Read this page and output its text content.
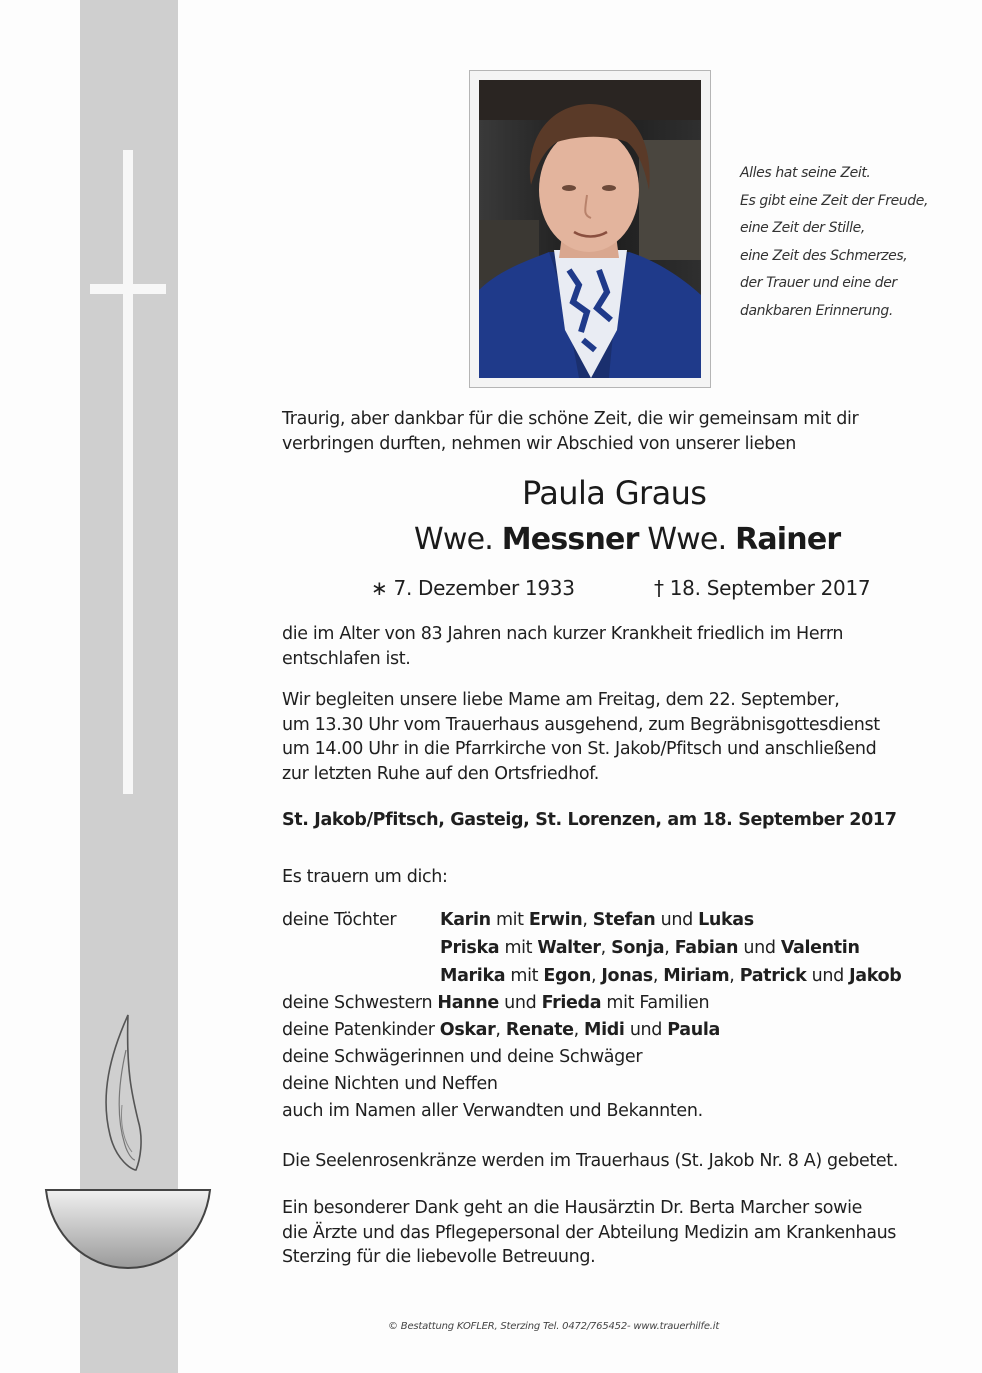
Alles hat seine Zeit.
Es gibt eine Zeit der Freude,
eine Zeit der Stille,
eine Zeit des Schmerzes,
der Trauer und eine der
dankbaren Erinnerung.
Traurig, aber dankbar für die schöne Zeit, die wir gemeinsam mit dir
verbringen durften, nehmen wir Abschied von unserer lieben
Paula Graus
Wwe. Messner Wwe. Rainer
∗ 7. Dezember 1933	† 18. September 2017
die im Alter von 83 Jahren nach kurzer Krankheit friedlich im Herrn
entschlafen ist.
Wir begleiten unsere liebe Mame am Freitag, dem 22. September,
um 13.30 Uhr vom Trauerhaus ausgehend, zum Begräbnisgottesdienst
um 14.00 Uhr in die Pfarrkirche von St. Jakob/Pfitsch und anschließend
zur letzten Ruhe auf den Ortsfriedhof.
St. Jakob/Pfitsch, Gasteig, St. Lorenzen, am 18. September 2017
Es trauern um dich:
deine Töchter Karin mit Erwin, Stefan und Lukas
Priska mit Walter, Sonja, Fabian und Valentin
Marika mit Egon, Jonas, Miriam, Patrick und Jakob
deine Schwestern Hanne und Frieda mit Familien
deine Patenkinder Oskar, Renate, Midi und Paula
deine Schwägerinnen und deine Schwäger
deine Nichten und Neffen
auch im Namen aller Verwandten und Bekannten.
Die Seelenrosenkränze werden im Trauerhaus (St. Jakob Nr. 8 A) gebetet.
Ein besonderer Dank geht an die Hausärztin Dr. Berta Marcher sowie
die Ärzte und das Pflegepersonal der Abteilung Medizin am Krankenhaus
Sterzing für die liebevolle Betreuung.
© Bestattung KOFLER, Sterzing Tel. 0472/765452- www.trauerhilfe.it
